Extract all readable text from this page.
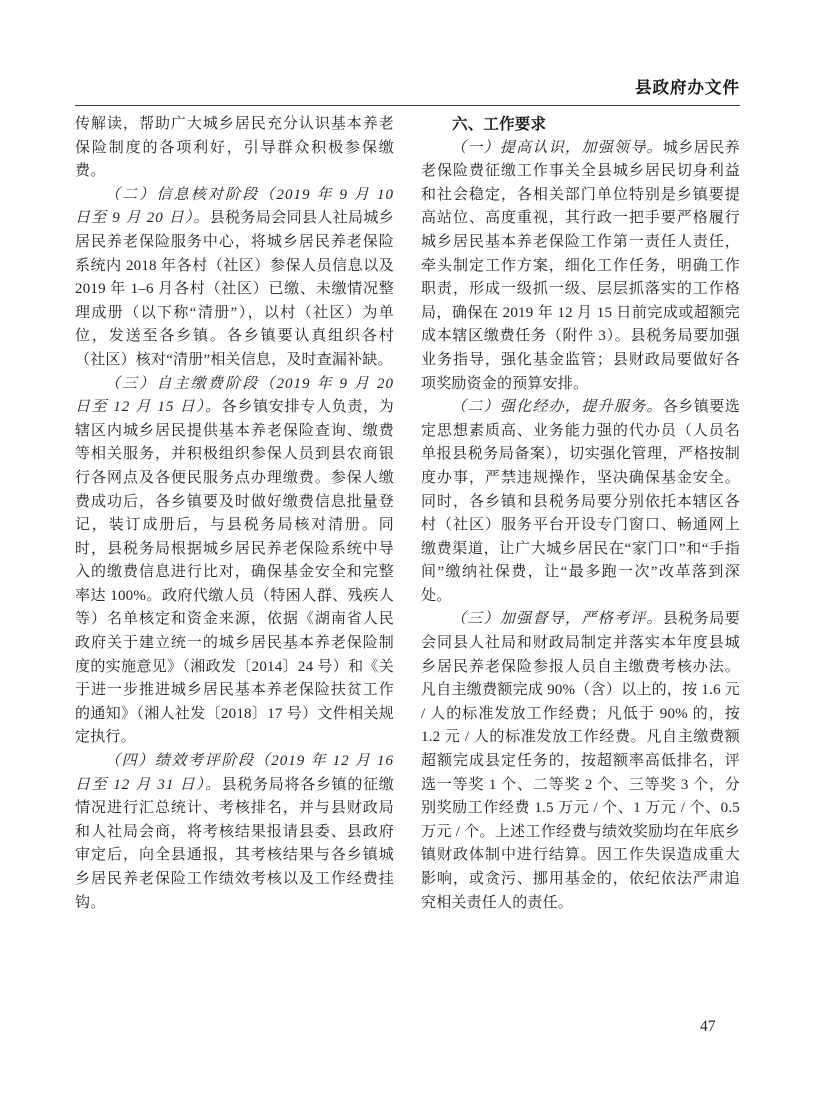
县政府办文件

传解读，帮助广大城乡居民充分认识基本养老保险制度的各项利好，引导群众积极参保缴费。

（二）信息核对阶段（2019 年 9 月 10 日至 9 月 20 日）。县税务局会同县人社局城乡居民养老保险服务中心，将城乡居民养老保险系统内 2018 年各村（社区）参保人员信息以及 2019 年 1–6 月各村（社区）已缴、未缴情况整理成册（以下称“清册”），以村（社区）为单位，发送至各乡镇。各乡镇要认真组织各村（社区）核对“清册”相关信息，及时查漏补缺。

（三）自主缴费阶段（2019 年 9 月 20 日至 12 月 15 日）。各乡镇安排专人负责，为辖区内城乡居民提供基本养老保险查询、缴费等相关服务，并积极组织参保人员到县农商银行各网点及各便民服务点办理缴费。参保人缴费成功后，各乡镇要及时做好缴费信息批量登记，装订成册后，与县税务局核对清册。同时，县税务局根据城乡居民养老保险系统中导入的缴费信息进行比对，确保基金安全和完整率达 100%。政府代缴人员（特困人群、残疾人等）名单核定和资金来源，依据《湖南省人民政府关于建立统一的城乡居民基本养老保险制度的实施意见》（湘政发〔2014〕24 号）和《关于进一步推进城乡居民基本养老保险扶贫工作的通知》（湘人社发〔2018〕17 号）文件相关规定执行。

（四）绩效考评阶段（2019 年 12 月 16 日至 12 月 31 日）。县税务局将各乡镇的征缴情况进行汇总统计、考核排名，并与县财政局和人社局会商，将考核结果报请县委、县政府审定后，向全县通报，其考核结果与各乡镇城乡居民养老保险工作绩效考核以及工作经费挂钩。

六、工作要求

（一）提高认识，加强领导。城乡居民养老保险费征缴工作事关全县城乡居民切身利益和社会稳定，各相关部门单位特别是乡镇要提高站位、高度重视，其行政一把手要严格履行城乡居民基本养老保险工作第一责任人责任，牵头制定工作方案，细化工作任务，明确工作职责，形成一级抓一级、层层抓落实的工作格局，确保在 2019 年 12 月 15 日前完成或超额完成本辖区缴费任务（附件 3）。县税务局要加强业务指导，强化基金监管；县财政局要做好各项奖励资金的预算安排。

（二）强化经办，提升服务。各乡镇要选定思想素质高、业务能力强的代办员（人员名单报县税务局备案），切实强化管理，严格按制度办事，严禁违规操作，坚决确保基金安全。同时，各乡镇和县税务局要分别依托本辖区各村（社区）服务平台开设专门窗口、畅通网上缴费渠道，让广大城乡居民在“家门口”和“手指间”缴纳社保费，让“最多跑一次”改革落到深处。

（三）加强督导，严格考评。县税务局要会同县人社局和财政局制定并落实本年度县城乡居民养老保险参报人员自主缴费考核办法。凡自主缴费额完成 90%（含）以上的，按 1.6 元 / 人的标准发放工作经费；凡低于 90% 的，按 1.2 元 / 人的标准发放工作经费。凡自主缴费额超额完成县定任务的，按超额率高低排名，评选一等奖 1 个、二等奖 2 个、三等奖 3 个，分别奖励工作经费 1.5 万元 / 个、1 万元 / 个、0.5 万元 / 个。上述工作经费与绩效奖励均在年底乡镇财政体制中进行结算。因工作失误造成重大影响，或贪污、挪用基金的，依纪依法严肃追究相关责任人的责任。

47
